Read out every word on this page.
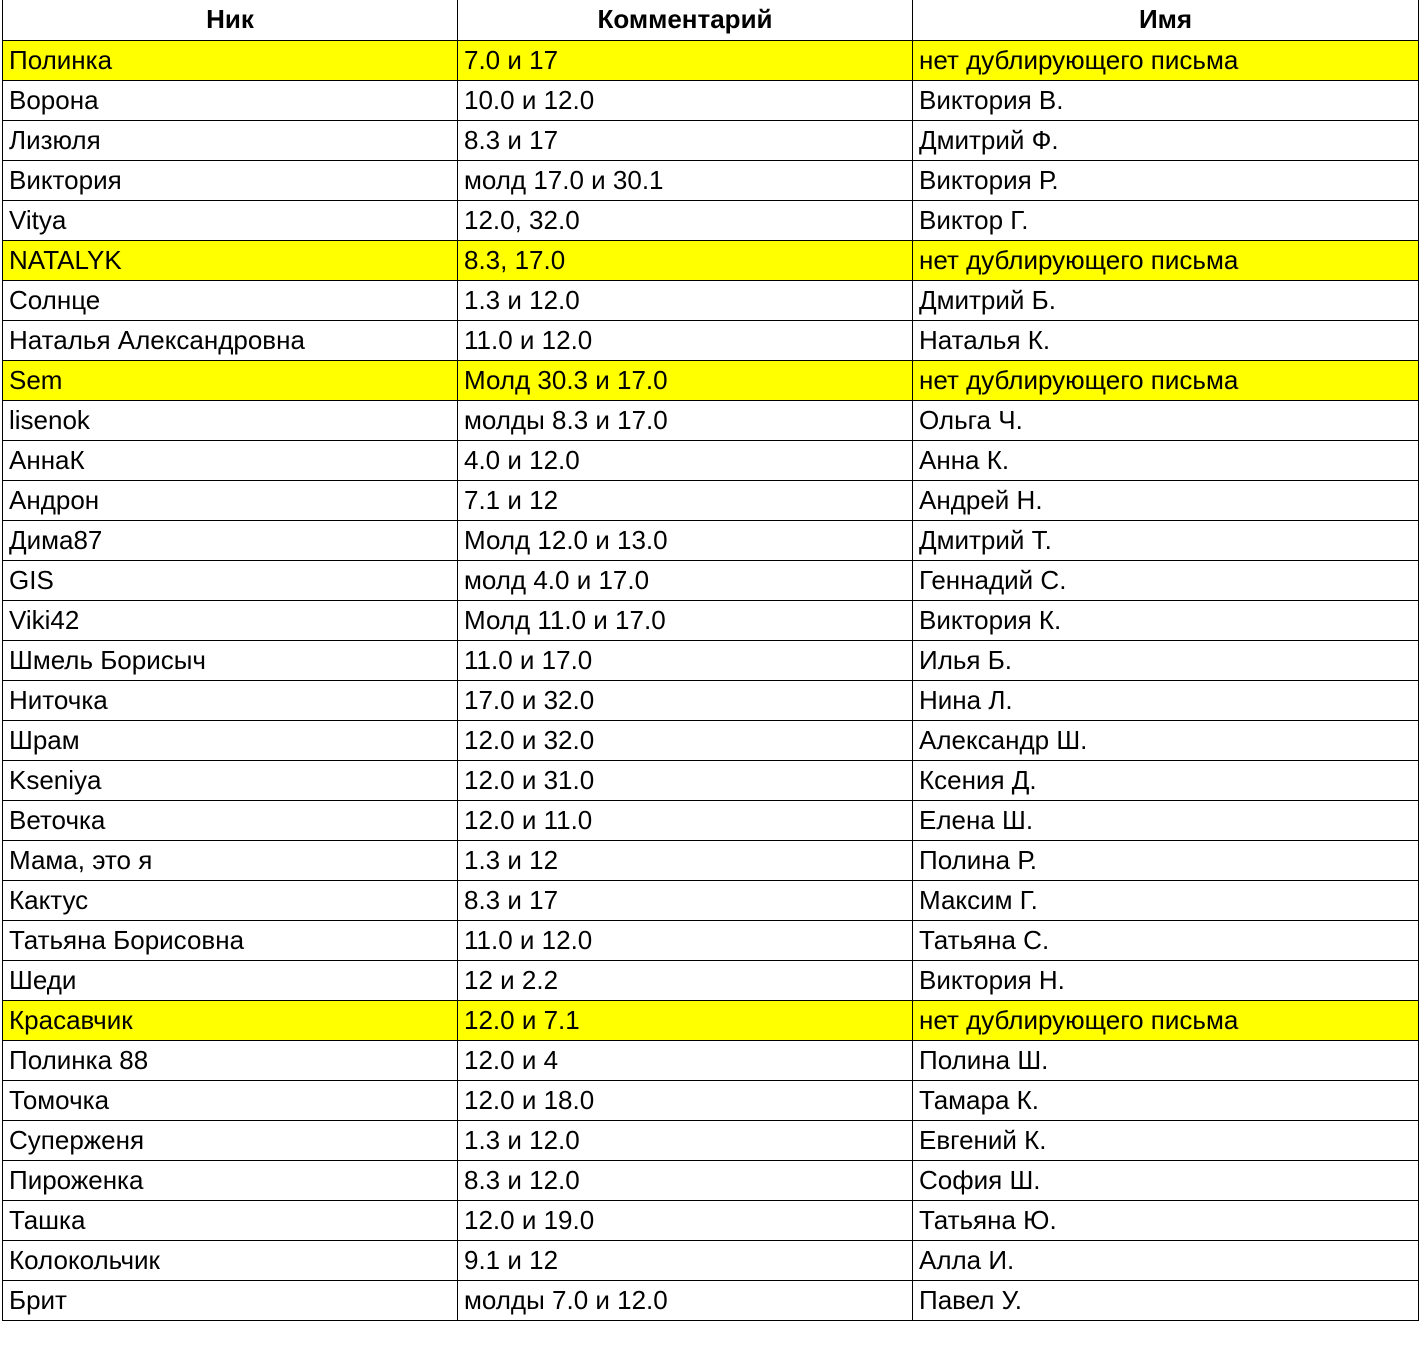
Ник	Комментарий	Имя
Полинка	7.0 и 17	нет дублирующего письма
Ворона	10.0 и 12.0	Виктория В.
Лизюля	8.3 и 17	Дмитрий Ф.
Виктория	молд 17.0 и 30.1	Виктория Р.
Vitya	12.0, 32.0	Виктор Г.
NATALYK	8.3, 17.0	нет дублирующего письма
Солнце	1.3 и 12.0	Дмитрий Б.
Наталья Александровна	11.0 и 12.0	Наталья К.
Sem	Молд 30.3 и 17.0	нет дублирующего письма
lisenok	молды 8.3 и 17.0	Ольга Ч.
АннаК	4.0 и 12.0	Анна К.
Андрон	7.1 и 12	Андрей Н.
Дима87	Молд 12.0 и 13.0	Дмитрий Т.
GIS	молд 4.0 и 17.0	Геннадий С.
Viki42	Молд 11.0 и 17.0	Виктория К.
Шмель Борисыч	11.0 и 17.0	Илья Б.
Ниточка	17.0 и 32.0	Нина Л.
Шрам	12.0 и 32.0	Александр Ш.
Kseniya	12.0 и 31.0	Ксения Д.
Веточка	12.0 и 11.0	Елена Ш.
Мама, это я	1.3 и 12	Полина Р.
Кактус	8.3 и 17	Максим Г.
Татьяна Борисовна	11.0 и 12.0	Татьяна С.
Шеди	12 и 2.2	Виктория Н.
Красавчик	12.0 и 7.1	нет дублирующего письма
Полинка 88	12.0 и 4	Полина Ш.
Томочка	12.0 и 18.0	Тамара К.
Суперженя	1.3 и 12.0	Евгений К.
Пироженка	8.3 и 12.0	София Ш.
Ташка	12.0 и 19.0	Татьяна Ю.
Колокольчик	9.1 и 12	Алла И.
Брит	молды 7.0 и 12.0	Павел У.
